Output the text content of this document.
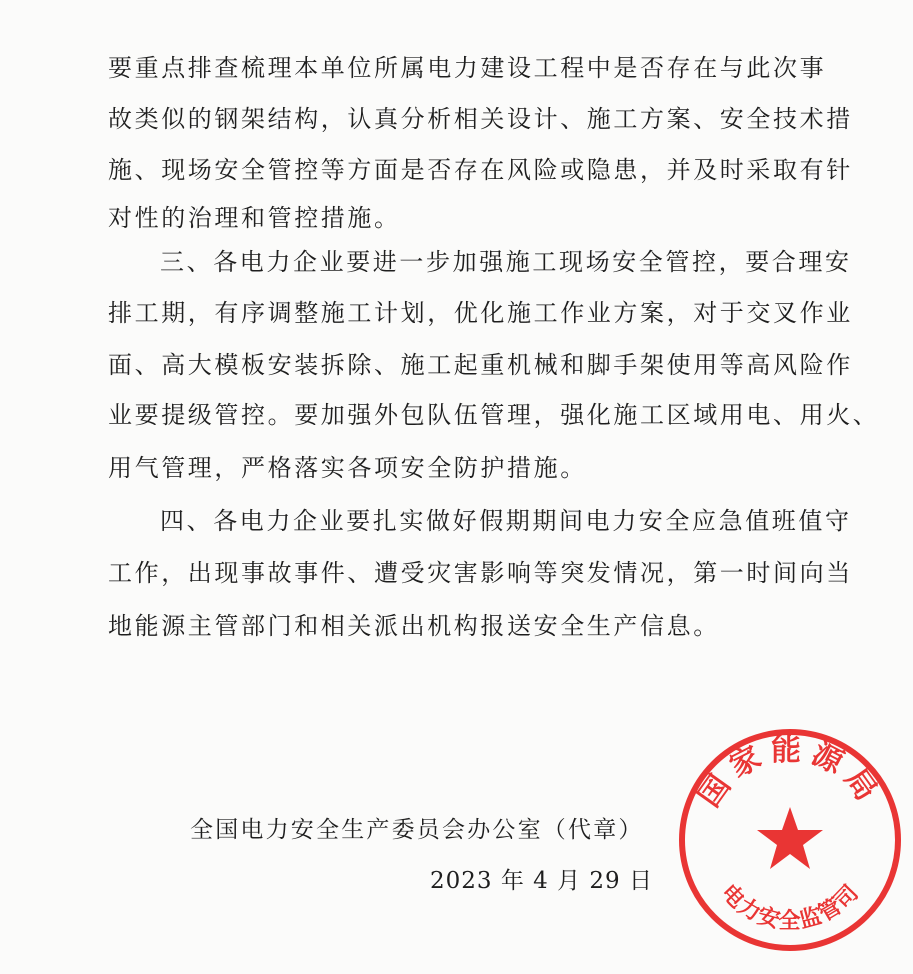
要重点排查梳理本单位所属电力建设工程中是否存在与此次事
故类似的钢架结构，认真分析相关设计、施工方案、安全技术措
施、现场安全管控等方面是否存在风险或隐患，并及时采取有针
对性的治理和管控措施。
三、各电力企业要进一步加强施工现场安全管控，要合理安
排工期，有序调整施工计划，优化施工作业方案，对于交叉作业
面、高大模板安装拆除、施工起重机械和脚手架使用等高风险作
业要提级管控。要加强外包队伍管理，强化施工区域用电、用火、
用气管理，严格落实各项安全防护措施。
四、各电力企业要扎实做好假期期间电力安全应急值班值守
工作，出现事故事件、遭受灾害影响等突发情况，第一时间向当
地能源主管部门和相关派出机构报送安全生产信息。
全国电力安全生产委员会办公室（代章）
2023 年 4 月 29 日
国家能源局
电力安全监管司
